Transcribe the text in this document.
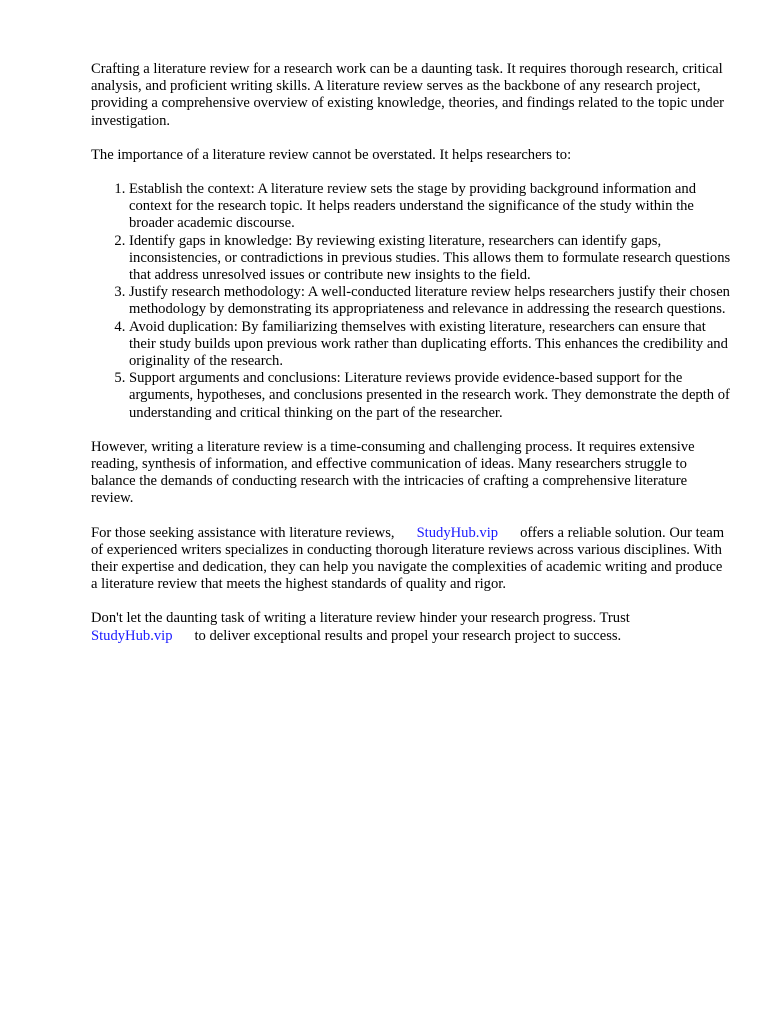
Crafting a literature review for a research work can be a daunting task. It requires thorough research, critical analysis, and proficient writing skills. A literature review serves as the backbone of any research project, providing a comprehensive overview of existing knowledge, theories, and findings related to the topic under investigation.

The importance of a literature review cannot be overstated. It helps researchers to:

1. Establish the context: A literature review sets the stage by providing background information and context for the research topic. It helps readers understand the significance of the study within the broader academic discourse.
2. Identify gaps in knowledge: By reviewing existing literature, researchers can identify gaps, inconsistencies, or contradictions in previous studies. This allows them to formulate research questions that address unresolved issues or contribute new insights to the field.
3. Justify research methodology: A well-conducted literature review helps researchers justify their chosen methodology by demonstrating its appropriateness and relevance in addressing the research questions.
4. Avoid duplication: By familiarizing themselves with existing literature, researchers can ensure that their study builds upon previous work rather than duplicating efforts. This enhances the credibility and originality of the research.
5. Support arguments and conclusions: Literature reviews provide evidence-based support for the arguments, hypotheses, and conclusions presented in the research work. They demonstrate the depth of understanding and critical thinking on the part of the researcher.

However, writing a literature review is a time-consuming and challenging process. It requires extensive reading, synthesis of information, and effective communication of ideas. Many researchers struggle to balance the demands of conducting research with the intricacies of crafting a comprehensive literature review.

For those seeking assistance with literature reviews, StudyHub.vip offers a reliable solution. Our team of experienced writers specializes in conducting thorough literature reviews across various disciplines. With their expertise and dedication, they can help you navigate the complexities of academic writing and produce a literature review that meets the highest standards of quality and rigor.

Don't let the daunting task of writing a literature review hinder your research progress. Trust StudyHub.vip to deliver exceptional results and propel your research project to success.
